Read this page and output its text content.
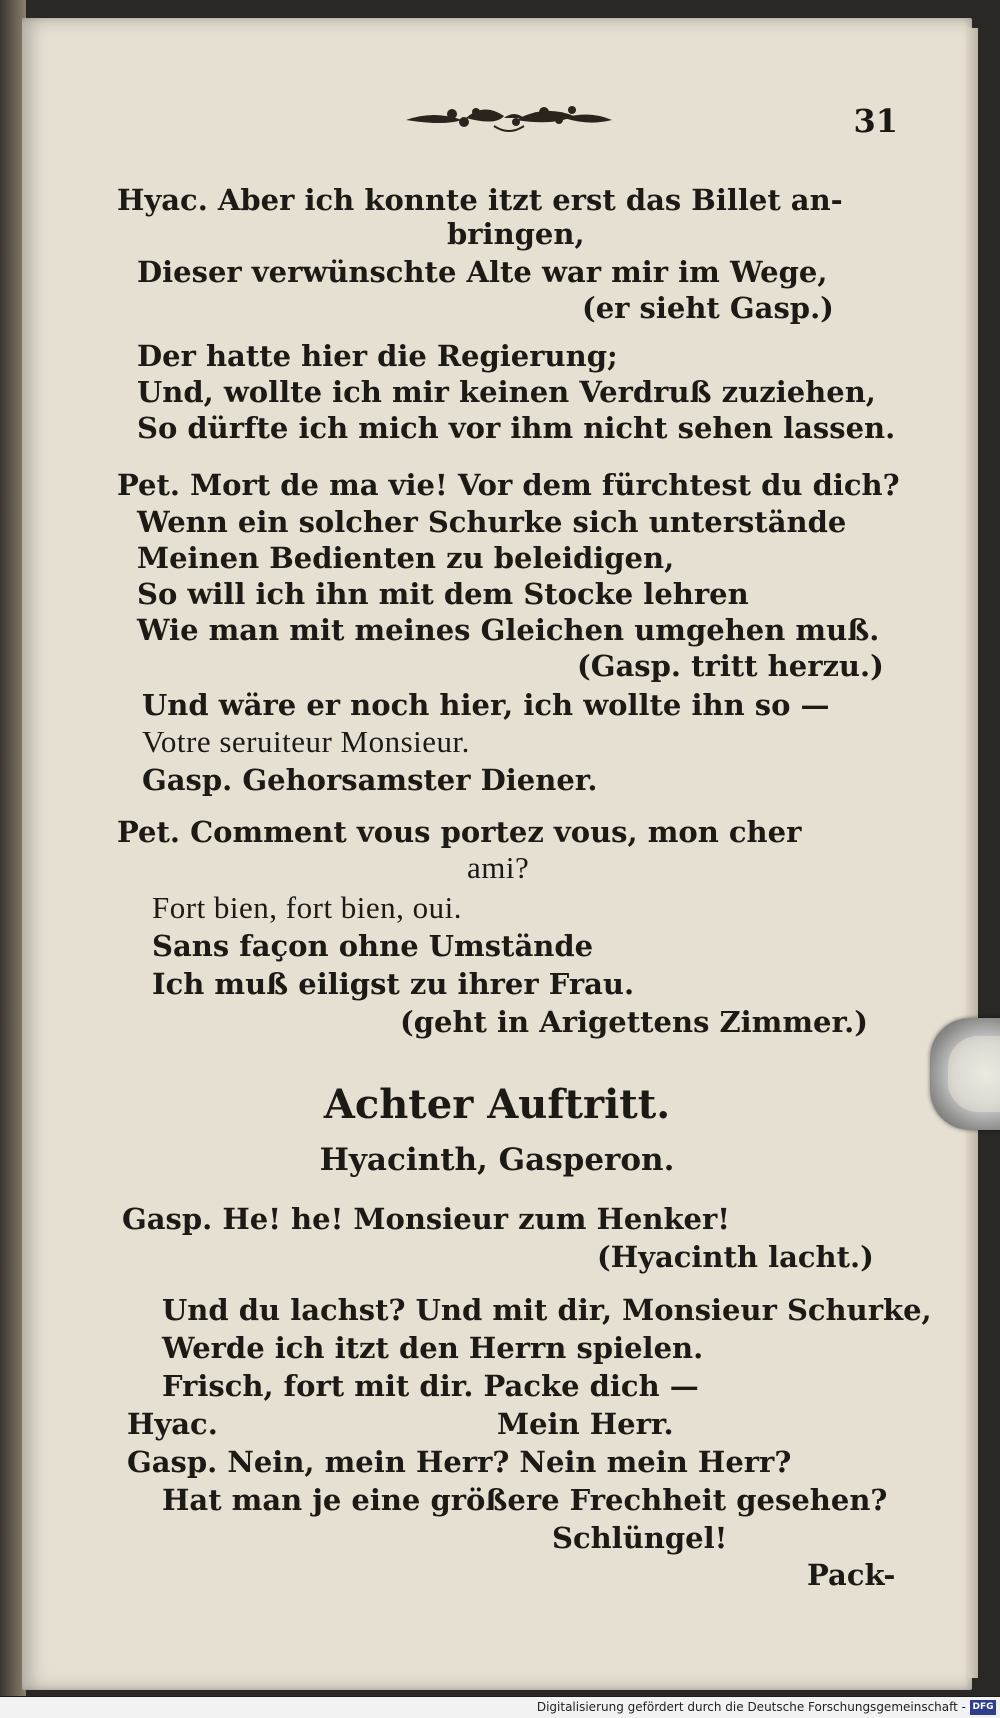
31
Hyac. Aber ich konnte itzt erst das Billet an-
bringen,
Dieser verwünschte Alte war mir im Wege,
(er sieht Gasp.)
Der hatte hier die Regierung;
Und, wollte ich mir keinen Verdruß zuziehen,
So dürfte ich mich vor ihm nicht sehen lassen.
Pet. Mort de ma vie! Vor dem fürchtest du dich?
Wenn ein solcher Schurke sich unterstände
Meinen Bedienten zu beleidigen,
So will ich ihn mit dem Stocke lehren
Wie man mit meines Gleichen umgehen muß.
(Gasp. tritt herzu.)
Und wäre er noch hier, ich wollte ihn so —
Votre seruiteur Monsieur.
Gasp. Gehorsamster Diener.
Pet. Comment vous portez vous, mon cher
ami?
Fort bien, fort bien, oui.
Sans façon ohne Umstände
Ich muß eiligst zu ihrer Frau.
(geht in Arigettens Zimmer.)
Achter Auftritt.
Hyacinth, Gasperon.
Gasp. He! he! Monsieur zum Henker!
(Hyacinth lacht.)
Und du lachst? Und mit dir, Monsieur Schurke,
Werde ich itzt den Herrn spielen.
Frisch, fort mit dir. Packe dich —
Hyac.	Mein Herr.
Gasp. Nein, mein Herr? Nein mein Herr?
Hat man je eine größere Frechheit gesehen?
Schlüngel!
Pack-
Digitalisierung gefördert durch die Deutsche Forschungsgemeinschaft - DFG
